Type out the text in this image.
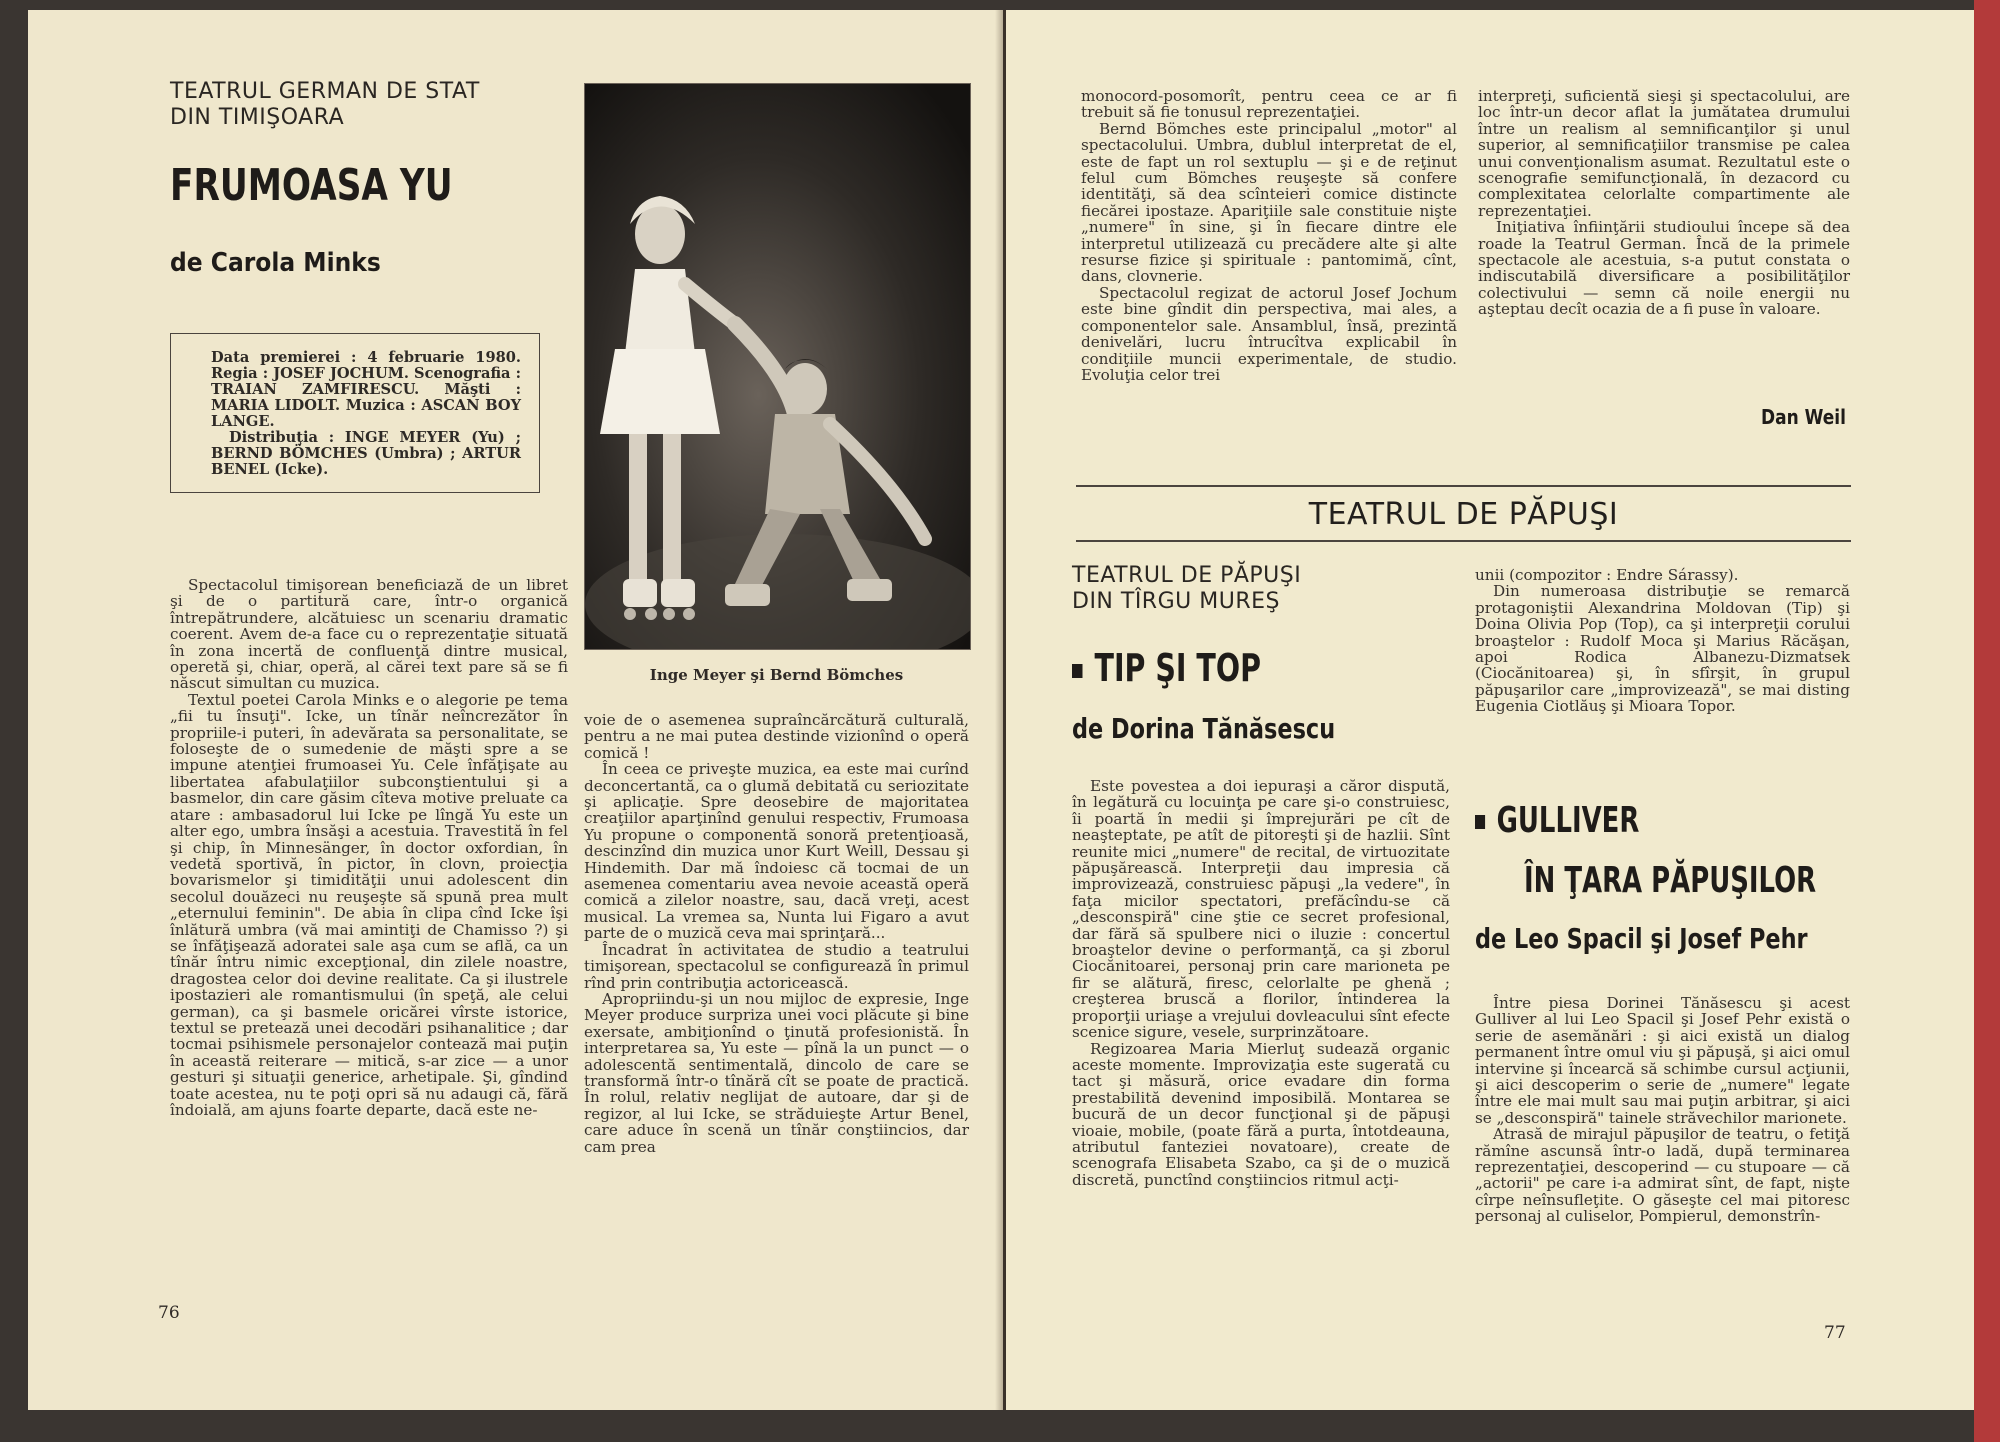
TEATRUL GERMAN DE STAT
DIN TIMIŞOARA
FRUMOASA YU
de Carola Minks

Data premierei : 4 februarie 1980. Regia : JOSEF JOCHUM. Scenografia : TRAIAN ZAMFIRESCU. Măşti : MARIA LIDOLT. Muzica : ASCAN BOY LANGE.

Distribuţia : INGE MEYER (Yu) ; BERND BÖMCHES (Umbra) ; ARTUR BENEL (Icke).

Inge Meyer şi Bernd Bömches

Spectacolul timişorean beneficiază de un libret şi de o partitură care, într-o organică întrepătrundere, alcătuiesc un scenariu dramatic coerent. Avem de-a face cu o reprezentaţie situată în zona incertă de confluenţă dintre musical, operetă şi, chiar, operă, al cărei text pare să se fi născut simultan cu muzica.

Textul poetei Carola Minks e o alegorie pe tema „fii tu însuţi". Icke, un tînăr neîncrezător în propriile-i puteri, în adevărata sa personalitate, se foloseşte de o sumedenie de măşti spre a se impune atenţiei frumoasei Yu. Cele înfăţişate au libertatea afabulaţiilor subconştientului şi a basmelor, din care găsim cîteva motive preluate ca atare : ambasadorul lui Icke pe lîngă Yu este un alter ego, umbra însăşi a acestuia. Travestită în fel şi chip, în Minnesänger, în doctor oxfordian, în vedetă sportivă, în pictor, în clovn, proiecţia bovarismelor şi timidităţii unui adolescent din secolul douăzeci nu reuşeşte să spună prea mult „eternului feminin". De abia în clipa cînd Icke îşi înlătură umbra (vă mai amintiţi de Chamisso ?) şi se înfăţişează adoratei sale aşa cum se află, ca un tînăr întru nimic excepţional, din zilele noastre, dragostea celor doi devine realitate. Ca şi ilustrele ipostazieri ale romantismului (în speţă, ale celui german), ca şi basmele oricărei vîrste istorice, textul se pretează unei decodări psihanalitice ; dar tocmai psihismele personajelor contează mai puţin în această reiterare — mitică, s-ar zice — a unor gesturi şi situaţii generice, arhetipale. Şi, gîndind toate acestea, nu te poţi opri să nu adaugi că, fără îndoială, am ajuns foarte departe, dacă este ne-

voie de o asemenea supraîncărcătură culturală, pentru a ne mai putea destinde vizionînd o operă comică !

În ceea ce priveşte muzica, ea este mai curînd deconcertantă, ca o glumă debitată cu seriozitate şi aplicaţie. Spre deosebire de majoritatea creaţiilor aparţinînd genului respectiv, Frumoasa Yu propune o componentă sonoră pretenţioasă, descinzînd din muzica unor Kurt Weill, Dessau şi Hindemith. Dar mă îndoiesc că tocmai de un asemenea comentariu avea nevoie această operă comică a zilelor noastre, sau, dacă vreţi, acest musical. La vremea sa, Nunta lui Figaro a avut parte de o muzică ceva mai sprinţară...

Încadrat în activitatea de studio a teatrului timişorean, spectacolul se configurează în primul rînd prin contribuţia actoricească.

Apropriindu-şi un nou mijloc de expresie, Inge Meyer produce surpriza unei voci plăcute şi bine exersate, ambiţionînd o ţinută profesionistă. În interpretarea sa, Yu este — pînă la un punct — o adolescentă sentimentală, dincolo de care se transformă într-o tînără cît se poate de practică. În rolul, relativ neglijat de autoare, dar şi de regizor, al lui Icke, se străduieşte Artur Benel, care aduce în scenă un tînăr conştiincios, dar cam prea

76

monocord-posomorît, pentru ceea ce ar fi trebuit să fie tonusul reprezentaţiei.

Bernd Bömches este principalul „motor" al spectacolului. Umbra, dublul interpretat de el, este de fapt un rol sextuplu — şi e de reţinut felul cum Bömches reuşeşte să confere identităţi, să dea scînteieri comice distincte fiecărei ipostaze. Apariţiile sale constituie nişte „numere" în sine, şi în fiecare dintre ele interpretul utilizează cu precădere alte şi alte resurse fizice şi spirituale : pantomimă, cînt, dans, clovnerie.

Spectacolul regizat de actorul Josef Jochum este bine gîndit din perspectiva, mai ales, a componentelor sale. Ansamblul, însă, prezintă denivelări, lucru întrucîtva explicabil în condiţiile muncii experimentale, de studio. Evoluţia celor trei

interpreţi, suficientă sieşi şi spectacolului, are loc într-un decor aflat la jumătatea drumului între un realism al semnificanţilor şi unul superior, al semnificaţiilor transmise pe calea unui convenţionalism asumat. Rezultatul este o scenografie semifuncţională, în dezacord cu complexitatea celorlalte compartimente ale reprezentaţiei.

Iniţiativa înfiinţării studioului începe să dea roade la Teatrul German. Încă de la primele spectacole ale acestuia, s-a putut constata o indiscutabilă diversificare a posibilităţilor colectivului — semn că noile energii nu aşteptau decît ocazia de a fi puse în valoare.

Dan Weil
TEATRUL DE PĂPUŞI
TEATRUL DE PĂPUŞI
DIN TÎRGU MUREŞ
TIP ŞI TOP
de Dorina Tănăsescu

Este povestea a doi iepuraşi a căror dispută, în legătură cu locuinţa pe care şi-o construiesc, îi poartă în medii şi împrejurări pe cît de neaşteptate, pe atît de pitoreşti şi de hazlii. Sînt reunite mici „numere" de recital, de virtuozitate păpuşărească. Interpreţii dau impresia că improvizează, construiesc păpuşi „la vedere", în faţa micilor spectatori, prefăcîndu-se că „desconspiră" cine ştie ce secret profesional, dar fără să spulbere nici o iluzie : concertul broaştelor devine o performanţă, ca şi zborul Ciocănitoarei, personaj prin care marioneta pe fir se alătură, firesc, celorlalte pe ghenă ; creşterea bruscă a florilor, întinderea la proporţii uriaşe a vrejului dovleacului sînt efecte scenice sigure, vesele, surprinzătoare.

Regizoarea Maria Mierluţ sudează organic aceste momente. Improvizaţia este sugerată cu tact şi măsură, orice evadare din forma prestabilită devenind imposibilă. Montarea se bucură de un decor funcţional şi de păpuşi vioaie, mobile, (poate fără a purta, întotdeauna, atributul fanteziei novatoare), create de scenografa Elisabeta Szabo, ca şi de o muzică discretă, punctînd conştiincios ritmul acţi-

unii (compozitor : Endre Sárassy).

Din numeroasa distribuţie se remarcă protagoniştii Alexandrina Moldovan (Tip) şi Doina Olivia Pop (Top), ca şi interpreţii corului broaştelor : Rudolf Moca şi Marius Răcăşan, apoi Rodica Albanezu-Dizmatsek (Ciocănitoarea) şi, în sfîrşit, în grupul păpuşarilor care „improvizează", se mai disting Eugenia Ciotlăuş şi Mioara Topor.

GULLIVER
ÎN ŢARA PĂPUŞILOR
de Leo Spacil şi Josef Pehr

Între piesa Dorinei Tănăsescu şi acest Gulliver al lui Leo Spacil şi Josef Pehr există o serie de asemănări : şi aici există un dialog permanent între omul viu şi păpuşă, şi aici omul intervine şi încearcă să schimbe cursul acţiunii, şi aici descoperim o serie de „numere" legate între ele mai mult sau mai puţin arbitrar, şi aici se „desconspiră" tainele străvechilor marionete.

Atrasă de mirajul păpuşilor de teatru, o fetiţă rămîne ascunsă într-o ladă, după terminarea reprezentaţiei, descoperind — cu stupoare — că „actorii" pe care i-a admirat sînt, de fapt, nişte cîrpe neînsufleţite. O găseşte cel mai pitoresc personaj al culiselor, Pompierul, demonstrîn-

77
